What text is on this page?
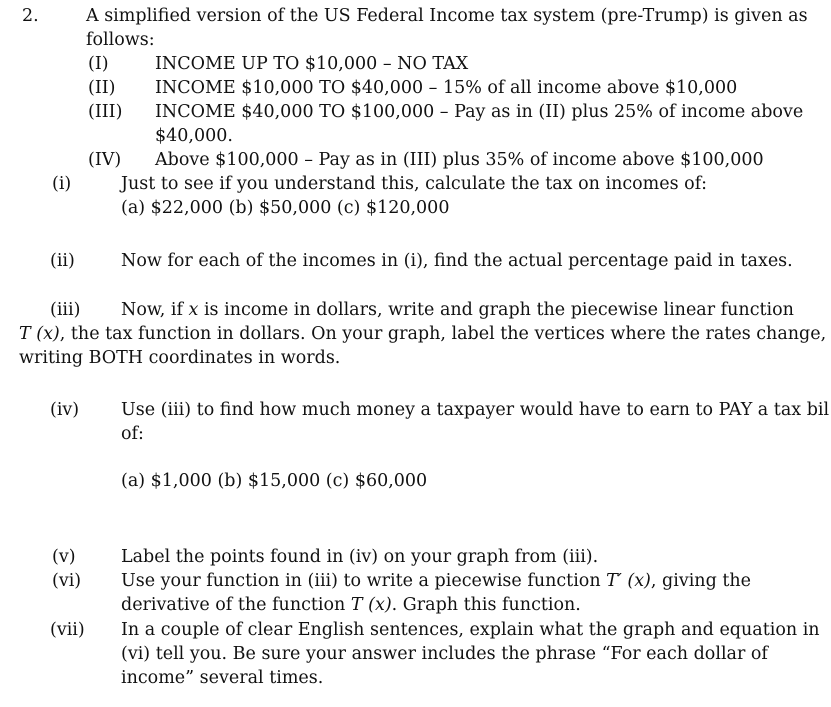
2.	A simplified version of the US Federal Income tax system (pre-Trump) is given as
follows:
(I)	INCOME UP TO $10,000 – NO TAX
(II) INCOME $10,000 TO $40,000 – 15% of all income above $10,000
(III) INCOME $40,000 TO $100,000 – Pay as in (II) plus 25% of income above
$40,000.
(IV) Above $100,000 – Pay as in (III) plus 35% of income above $100,000
(i)	Just to see if you understand this, calculate the tax on incomes of:
(a) $22,000 (b) $50,000 (c) $120,000
(ii)	Now for each of the incomes in (i), find the actual percentage paid in taxes.
(iii) Now, if x is income in dollars, write and graph the piecewise linear function
T (x), the tax function in dollars. On your graph, label the vertices where the rates change,
writing BOTH coordinates in words.
(iv) Use (iii) to find how much money a taxpayer would have to earn to PAY a tax bil
of:
(a) $1,000 (b) $15,000 (c) $60,000
(v)	Label the points found in (iv) on your graph from (iii).
(vi) Use your function in (iii) to write a piecewise function T′ (x), giving the
derivative of the function T (x). Graph this function.
(vii) In a couple of clear English sentences, explain what the graph and equation in
(vi) tell you. Be sure your answer includes the phrase “For each dollar of
income” several times.
